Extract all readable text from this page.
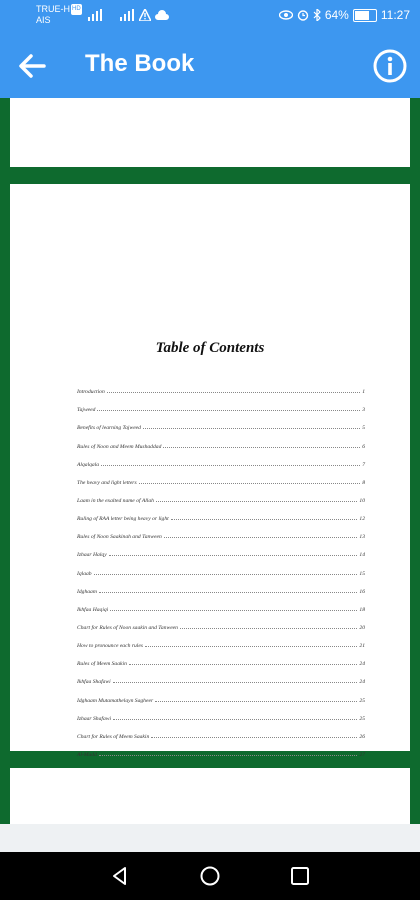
TRUE-H HD
AIS	64%	11:27
The Book
Table of Contents
Introduction	1
Tajweed	3
Benefits of learning Tajweed	5
Rules of Noon and Meem Mushaddad	6
Alqalqala	7
The heavy and light letters	8
Laam in the exalted name of Allah	10
Ruling of RAA letter being heavy or light	12
Rules of Noon Saakinah and Tanween	13
Izhaar Halqy	14
Iqlaab	15
Idghaam	16
Ikhfaa Haqiqi	18
Chart for Rules of Noon saakin and Tanween	20
How to pronounce each rules	21
Rules of Meem Saakin	24
Ikhfaa Shafawi	24
Idghaam Mutamathelayn Sagheer	25
Izhaar Shafawi	25
Chart for Rules of Meem Saakin	26
Al-Madd	27
